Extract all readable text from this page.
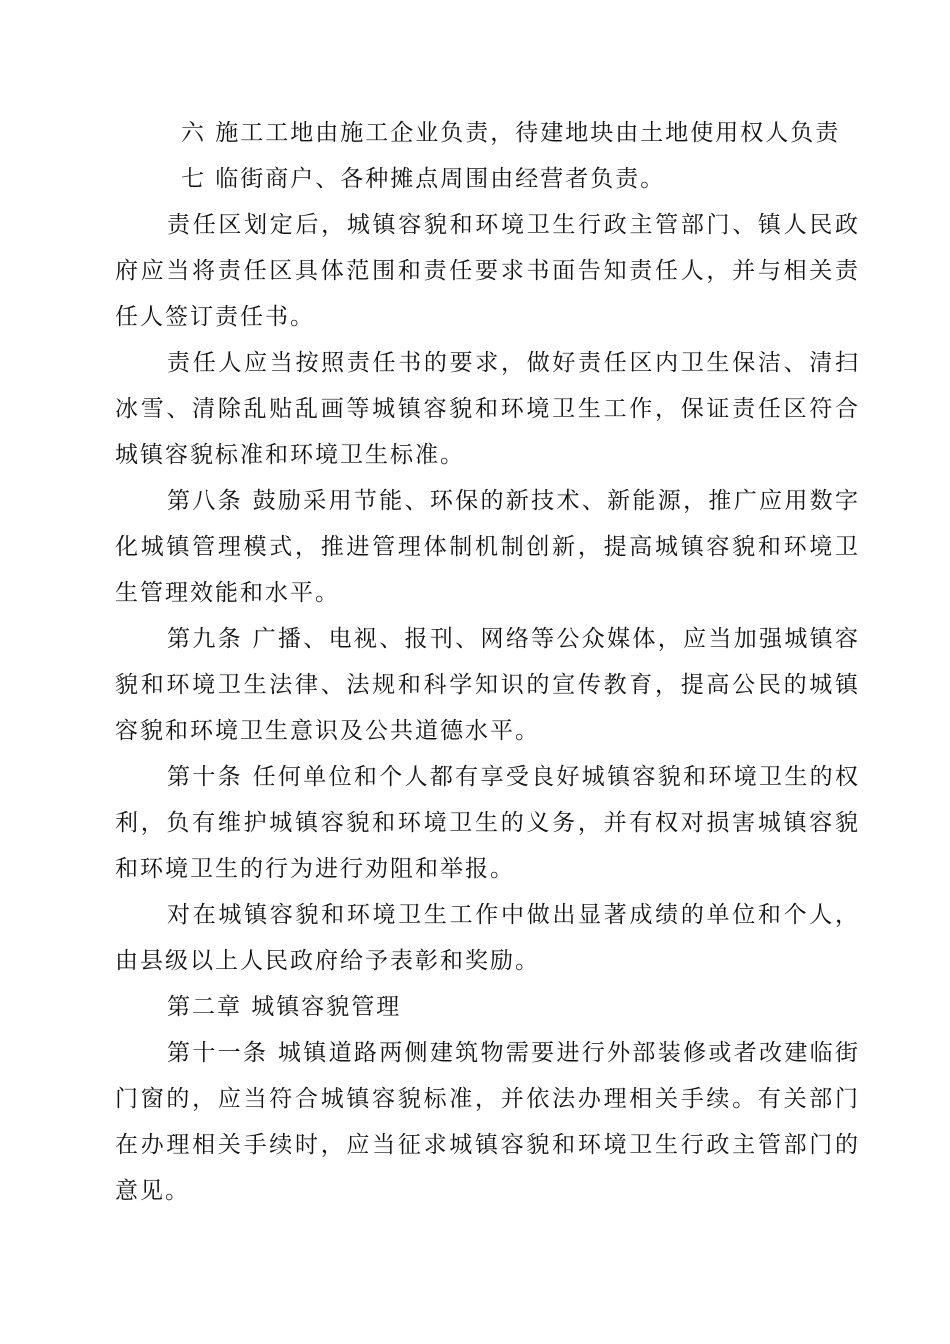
六 施工工地由施工企业负责，待建地块由土地使用权人负责

七 临街商户、各种摊点周围由经营者负责。

责任区划定后，城镇容貌和环境卫生行政主管部门、镇人民政府应当将责任区具体范围和责任要求书面告知责任人，并与相关责任人签订责任书。

责任人应当按照责任书的要求，做好责任区内卫生保洁、清扫冰雪、清除乱贴乱画等城镇容貌和环境卫生工作，保证责任区符合城镇容貌标准和环境卫生标准。

第八条 鼓励采用节能、环保的新技术、新能源，推广应用数字化城镇管理模式，推进管理体制机制创新，提高城镇容貌和环境卫生管理效能和水平。

第九条 广播、电视、报刊、网络等公众媒体，应当加强城镇容貌和环境卫生法律、法规和科学知识的宣传教育，提高公民的城镇容貌和环境卫生意识及公共道德水平。

第十条 任何单位和个人都有享受良好城镇容貌和环境卫生的权利，负有维护城镇容貌和环境卫生的义务，并有权对损害城镇容貌和环境卫生的行为进行劝阻和举报。

对在城镇容貌和环境卫生工作中做出显著成绩的单位和个人，由县级以上人民政府给予表彰和奖励。

第二章 城镇容貌管理

第十一条 城镇道路两侧建筑物需要进行外部装修或者改建临街门窗的，应当符合城镇容貌标准，并依法办理相关手续。有关部门在办理相关手续时，应当征求城镇容貌和环境卫生行政主管部门的意见。
